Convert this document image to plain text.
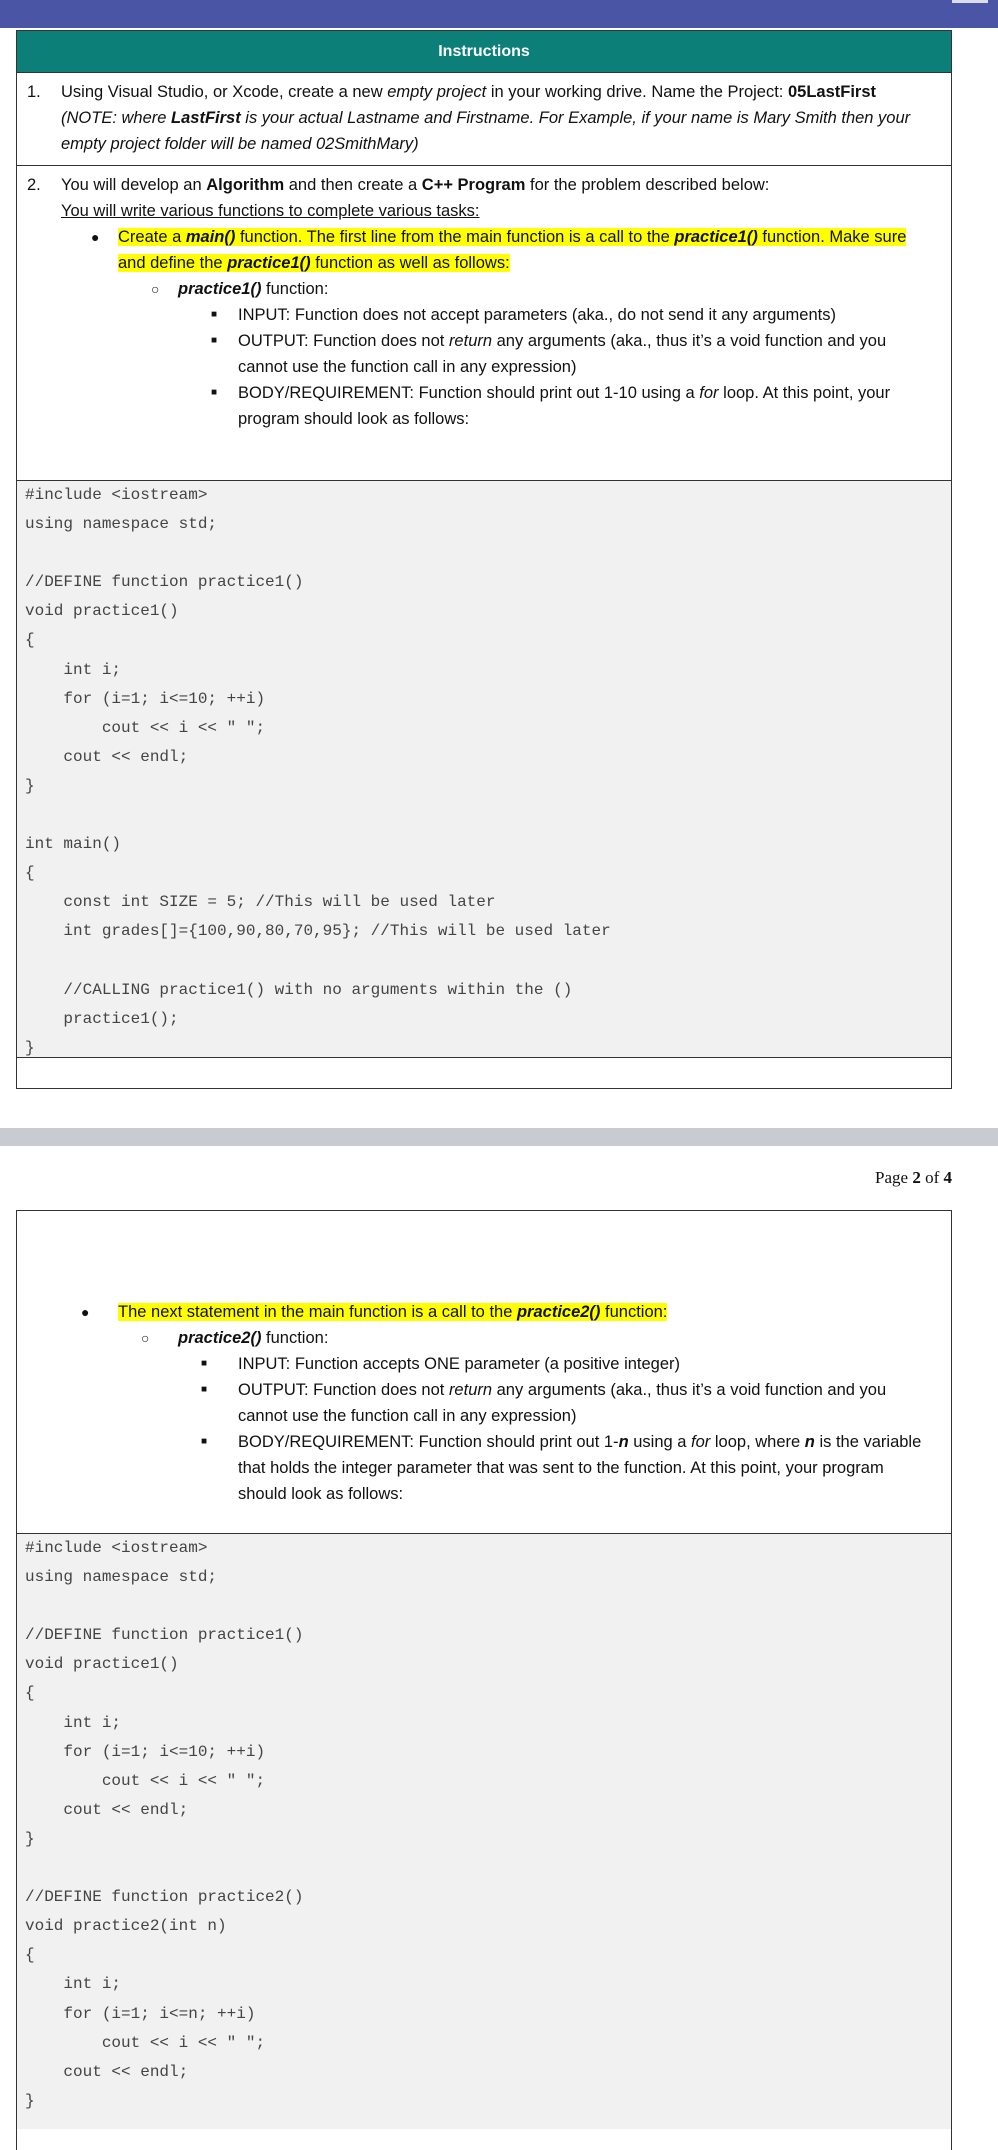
Instructions
1. Using Visual Studio, or Xcode, create a new empty project in your working drive. Name the Project: 05LastFirst
(NOTE: where LastFirst is your actual Lastname and Firstname. For Example, if your name is Mary Smith then your
empty project folder will be named 02SmithMary)
2. You will develop an Algorithm and then create a C++ Program for the problem described below:
You will write various functions to complete various tasks:
● Create a main() function. The first line from the main function is a call to the practice1() function. Make sure
and define the practice1() function as well as follows:
○ practice1() function:
■ INPUT: Function does not accept parameters (aka., do not send it any arguments)
■ OUTPUT: Function does not return any arguments (aka., thus it’s a void function and you
cannot use the function call in any expression)
■ BODY/REQUIREMENT: Function should print out 1-10 using a for loop. At this point, your
program should look as follows:
#include <iostream>
using namespace std;

//DEFINE function practice1()
void practice1()
{
int i;
for (i=1; i<=10; ++i)
cout << i << " ";
cout << endl;
}

int main()
{
const int SIZE = 5; //This will be used later
int grades[]={100,90,80,70,95}; //This will be used later

//CALLING practice1() with no arguments within the ()
practice1();
}
Page 2 of 4
● The next statement in the main function is a call to the practice2() function:
○ practice2() function:
■ INPUT: Function accepts ONE parameter (a positive integer)
■ OUTPUT: Function does not return any arguments (aka., thus it’s a void function and you
cannot use the function call in any expression)
■ BODY/REQUIREMENT: Function should print out 1-n using a for loop, where n is the variable
that holds the integer parameter that was sent to the function. At this point, your program
should look as follows:
#include <iostream>
using namespace std;

//DEFINE function practice1()
void practice1()
{
int i;
for (i=1; i<=10; ++i)
cout << i << " ";
cout << endl;
}

//DEFINE function practice2()
void practice2(int n)
{
int i;
for (i=1; i<=n; ++i)
cout << i << " ";
cout << endl;
}
